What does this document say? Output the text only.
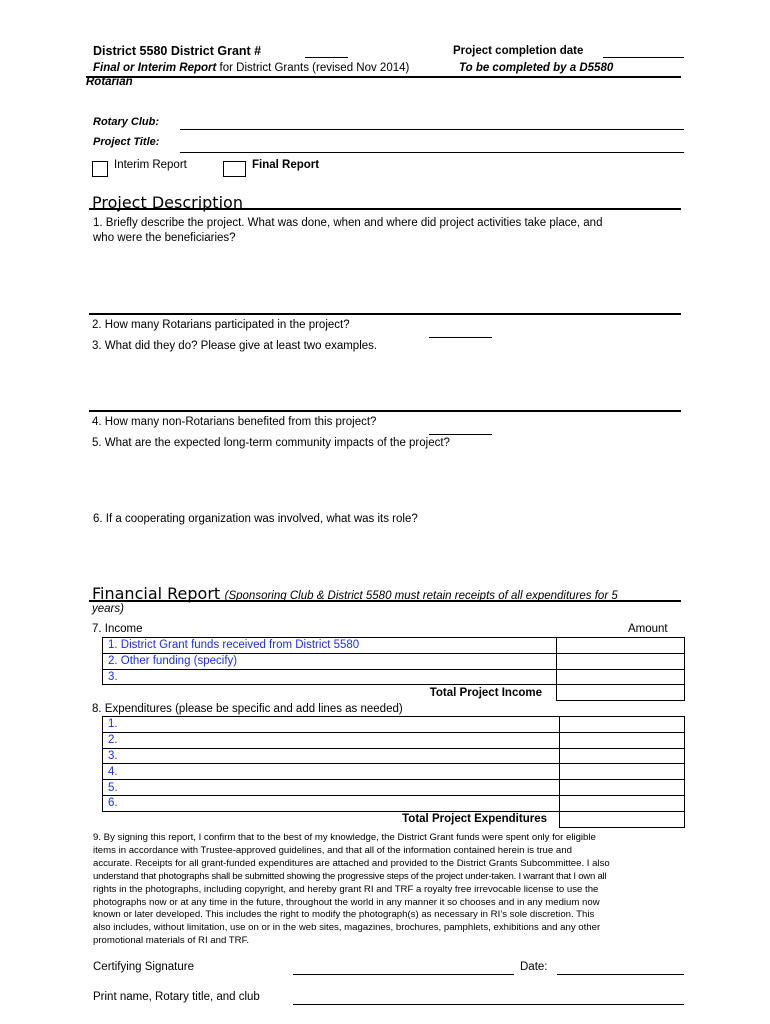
District 5580 District Grant #	Project completion date
Final or Interim Report for District Grants (revised Nov 2014)	To be completed by a D5580
Rotarian
Rotary Club:
Project Title:
Interim Report	Final Report
Project Description
1. Briefly describe the project. What was done, when and where did project activities take place, and
who were the beneficiaries?
2. How many Rotarians participated in the project?
3. What did they do? Please give at least two examples.
4. How many non-Rotarians benefited from this project?
5. What are the expected long-term community impacts of the project?
6. If a cooperating organization was involved, what was its role?
Financial Report (Sponsoring Club & District 5580 must retain receipts of all expenditures for 5
years)
7. Income	Amount
1. District Grant funds received from District 5580	
2. Other funding (specify)	
3.	
Total Project Income	
8. Expenditures (please be specific and add lines as needed)
1.	
2.	
3.	
4.	
5.	
6.	
Total Project Expenditures	
9. By signing this report, I confirm that to the best of my knowledge, the District Grant funds were spent only for eligible
items in accordance with Trustee-approved guidelines, and that all of the information contained herein is true and
accurate. Receipts for all grant-funded expenditures are attached and provided to the District Grants Subcommittee. I also
understand that photographs shall be submitted showing the progressive steps of the project under-taken. I warrant that I own all
rights in the photographs, including copyright, and hereby grant RI and TRF a royalty free irrevocable license to use the
photographs now or at any time in the future, throughout the world in any manner it so chooses and in any medium now
known or later developed. This includes the right to modify the photograph(s) as necessary in RI’s sole discretion. This
also includes, without limitation, use on or in the web sites, magazines, brochures, pamphlets, exhibitions and any other
promotional materials of RI and TRF.
Certifying Signature	Date:
Print name, Rotary title, and club
